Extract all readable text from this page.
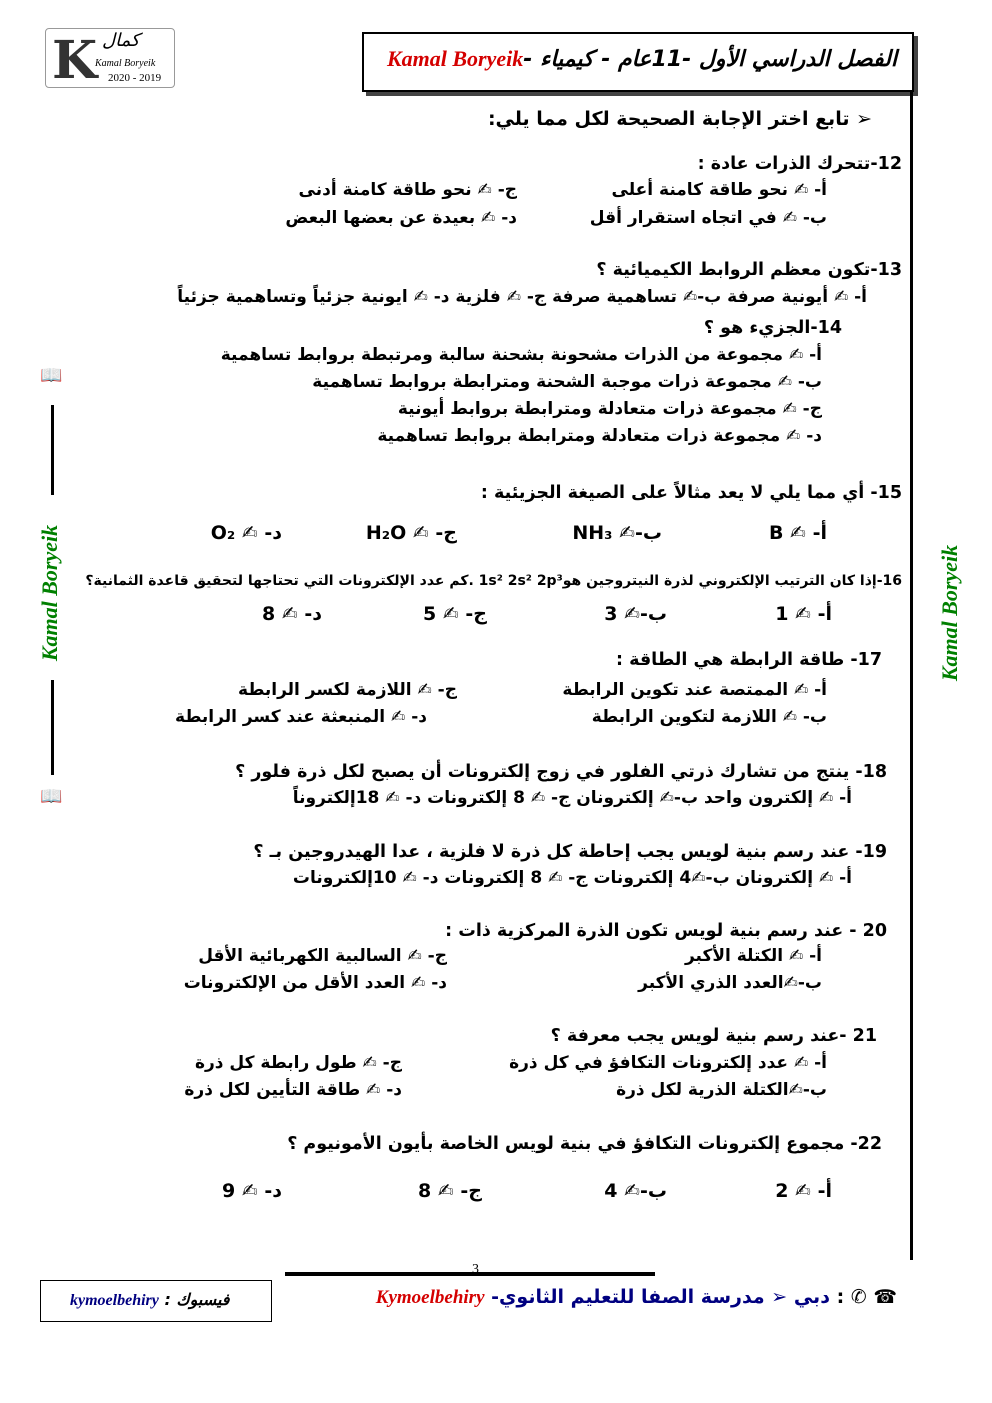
K كمال
Kamal Boryeik
2020 - 2019
Kamal Boryeik- الفصل الدراسي الأول -11عام - كيمياء
📖
Kamal Boryeik
📖
Kamal Boryeik
➢ تابع اختر الإجابة الصحيحة لكل مما يلي:
12-تتحرك الذرات عادة :
أ- ✍ نحو طاقة كامنة أعلى
ج- ✍ نحو طاقة كامنة أدنى
ب- ✍ في اتجاه استقرار أقل
د- ✍ بعيدة عن بعضها البعض
13-تكون معظم الروابط الكيميائية ؟
أ- ✍ أيونية صرفة ب-✍ تساهمية صرفة ج- ✍ فلزية د- ✍ ايونية جزئياً وتساهمية جزئياً
14-الجزيء هو ؟
أ- ✍ مجموعة من الذرات مشحونة بشحنة سالبة ومرتبطة بروابط تساهمية
ب- ✍ مجموعة ذرات موجبة الشحنة ومترابطة بروابط تساهمية
ج- ✍ مجموعة ذرات متعادلة ومترابطة بروابط أيونية
د- ✍ مجموعة ذرات متعادلة ومترابطة بروابط تساهمية
15- أي مما يلي لا يعد مثالاً على الصيغة الجزيئية :
أ- ✍ B
ب-✍ NH₃
ج- ✍ H₂O
د- ✍ O₂
16-إذا كان الترتيب الإلكتروني لذرة النيتروجين هو1s² 2s² 2p³ .كم عدد الإلكترونات التي تحتاجها لتحقيق قاعدة الثمانية؟
أ- ✍ 1
ب-✍ 3
ج- ✍ 5
د- ✍ 8
17- طاقة الرابطة هي الطاقة :
أ- ✍ الممتصة عند تكوين الرابطة
ج- ✍ اللازمة لكسر الرابطة
ب- ✍ اللازمة لتكوين الرابطة
د- ✍ المنبعثة عند كسر الرابطة
18- ينتج من تشارك ذرتي الفلور في زوج إلكترونات أن يصبح لكل ذرة فلور ؟
أ- ✍ إلكترون واحد ب-✍ إلكترونان ج- ✍ 8 إلكترونات د- ✍ 18إلكتروناً
19- عند رسم بنية لويس يجب إحاطة كل ذرة لا فلزية ، عدا الهيدروجين بـ ؟
أ- ✍ إلكترونان ب-✍4 إلكترونات ج- ✍ 8 إلكترونات د- ✍ 10إلكترونات
20 - عند رسم بنية لويس تكون الذرة المركزية ذات :
أ- ✍ الكتلة الأكبر
ج- ✍ السالبية الكهربائية الأقل
ب-✍العدد الذري الأكبر
د- ✍ العدد الأقل من الإلكترونات
21 -عند رسم بنية لويس يجب معرفة ؟
أ- ✍ عدد إلكترونات التكافؤ في كل ذرة
ج- ✍ طول رابطة كل ذرة
ب-✍الكتلة الذرية لكل ذرة
د- ✍ طاقة التأيين لكل ذرة
22- مجموع إلكترونات التكافؤ في بنية لويس الخاصة بأيون الأمونيوم ؟
أ- ✍ 2
ب-✍ 4
ج- ✍ 8
د- ✍ 9
3
فيسبوك : kymoelbehiry	☎ ✆ : دبي ➢ مدرسة الصفا للتعليم الثانوي- Kymoelbehiry
